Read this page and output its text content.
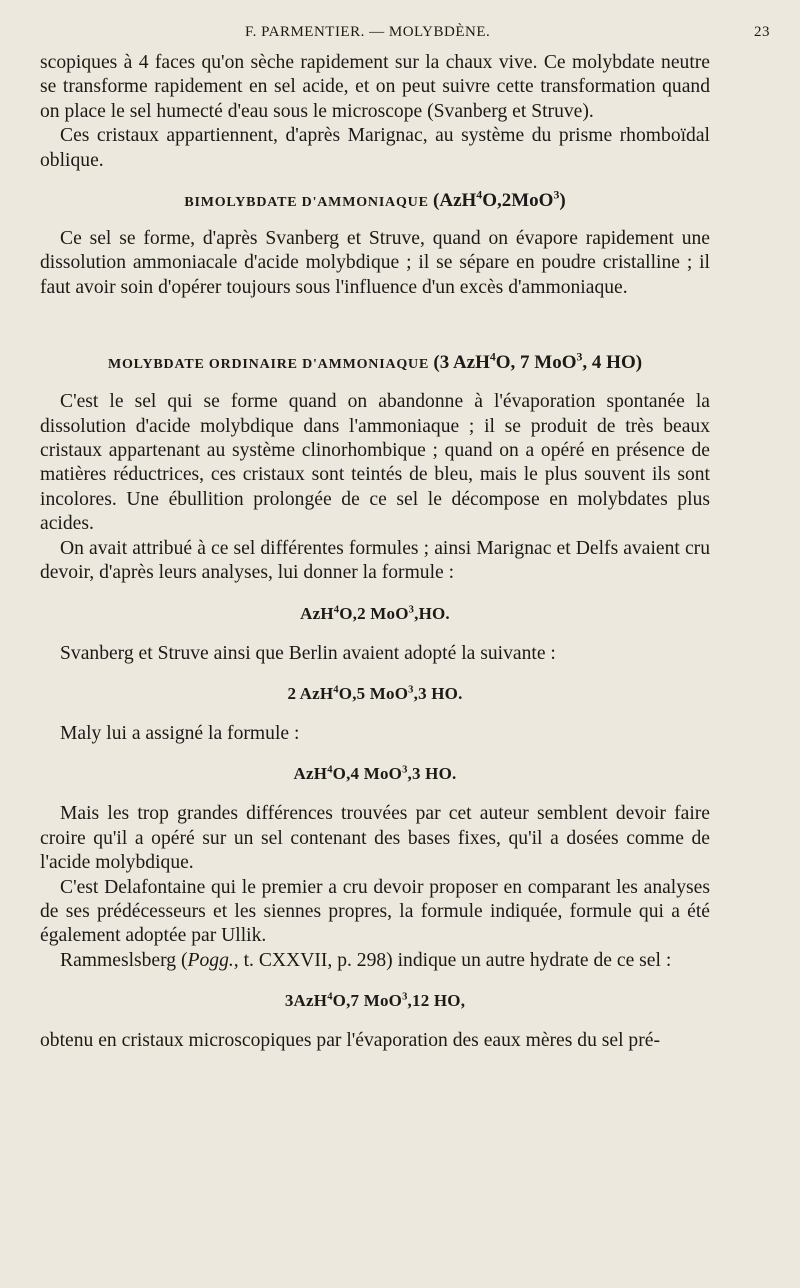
F. PARMENTIER. — MOLYBDÈNE.	23

scopiques à 4 faces qu'on sèche rapidement sur la chaux vive. Ce molybdate neutre se transforme rapidement en sel acide, et on peut suivre cette transformation quand on place le sel humecté d'eau sous le microscope (Svanberg et Struve).

Ces cristaux appartiennent, d'après Marignac, au système du prisme rhomboïdal oblique.

BIMOLYBDATE D'AMMONIAQUE (AzH$^4$O,2MoO$^3$)

Ce sel se forme, d'après Svanberg et Struve, quand on évapore rapidement une dissolution ammoniacale d'acide molybdique ; il se sépare en poudre cristalline ; il faut avoir soin d'opérer toujours sous l'influence d'un excès d'ammoniaque.

MOLYBDATE ORDINAIRE D'AMMONIAQUE (3 AzH$^4$O, 7 MoO$^3$, 4 HO)

C'est le sel qui se forme quand on abandonne à l'évaporation spontanée la dissolution d'acide molybdique dans l'ammoniaque ; il se produit de très beaux cristaux appartenant au système clinorhombique ; quand on a opéré en présence de matières réductrices, ces cristaux sont teintés de bleu, mais le plus souvent ils sont incolores. Une ébullition prolongée de ce sel le décompose en molybdates plus acides.

On avait attribué à ce sel différentes formules ; ainsi Marignac et Delfs avaient cru devoir, d'après leurs analyses, lui donner la formule :

AzH$^4$O,2 MoO$^3$,HO.

Svanberg et Struve ainsi que Berlin avaient adopté la suivante :

2 AzH$^4$O,5 MoO$^3$,3 HO.

Maly lui a assigné la formule :

AzH$^4$O,4 MoO$^3$,3 HO.

Mais les trop grandes différences trouvées par cet auteur semblent devoir faire croire qu'il a opéré sur un sel contenant des bases fixes, qu'il a dosées comme de l'acide molybdique.

C'est Delafontaine qui le premier a cru devoir proposer en comparant les analyses de ses prédécesseurs et les siennes propres, la formule indiquée, formule qui a été également adoptée par Ullik.

Rammeslsberg (Pogg., t. CXXVII, p. 298) indique un autre hydrate de ce sel :

3AzH$^4$O,7 MoO$^3$,12 HO,

obtenu en cristaux microscopiques par l'évaporation des eaux mères du sel pré-
